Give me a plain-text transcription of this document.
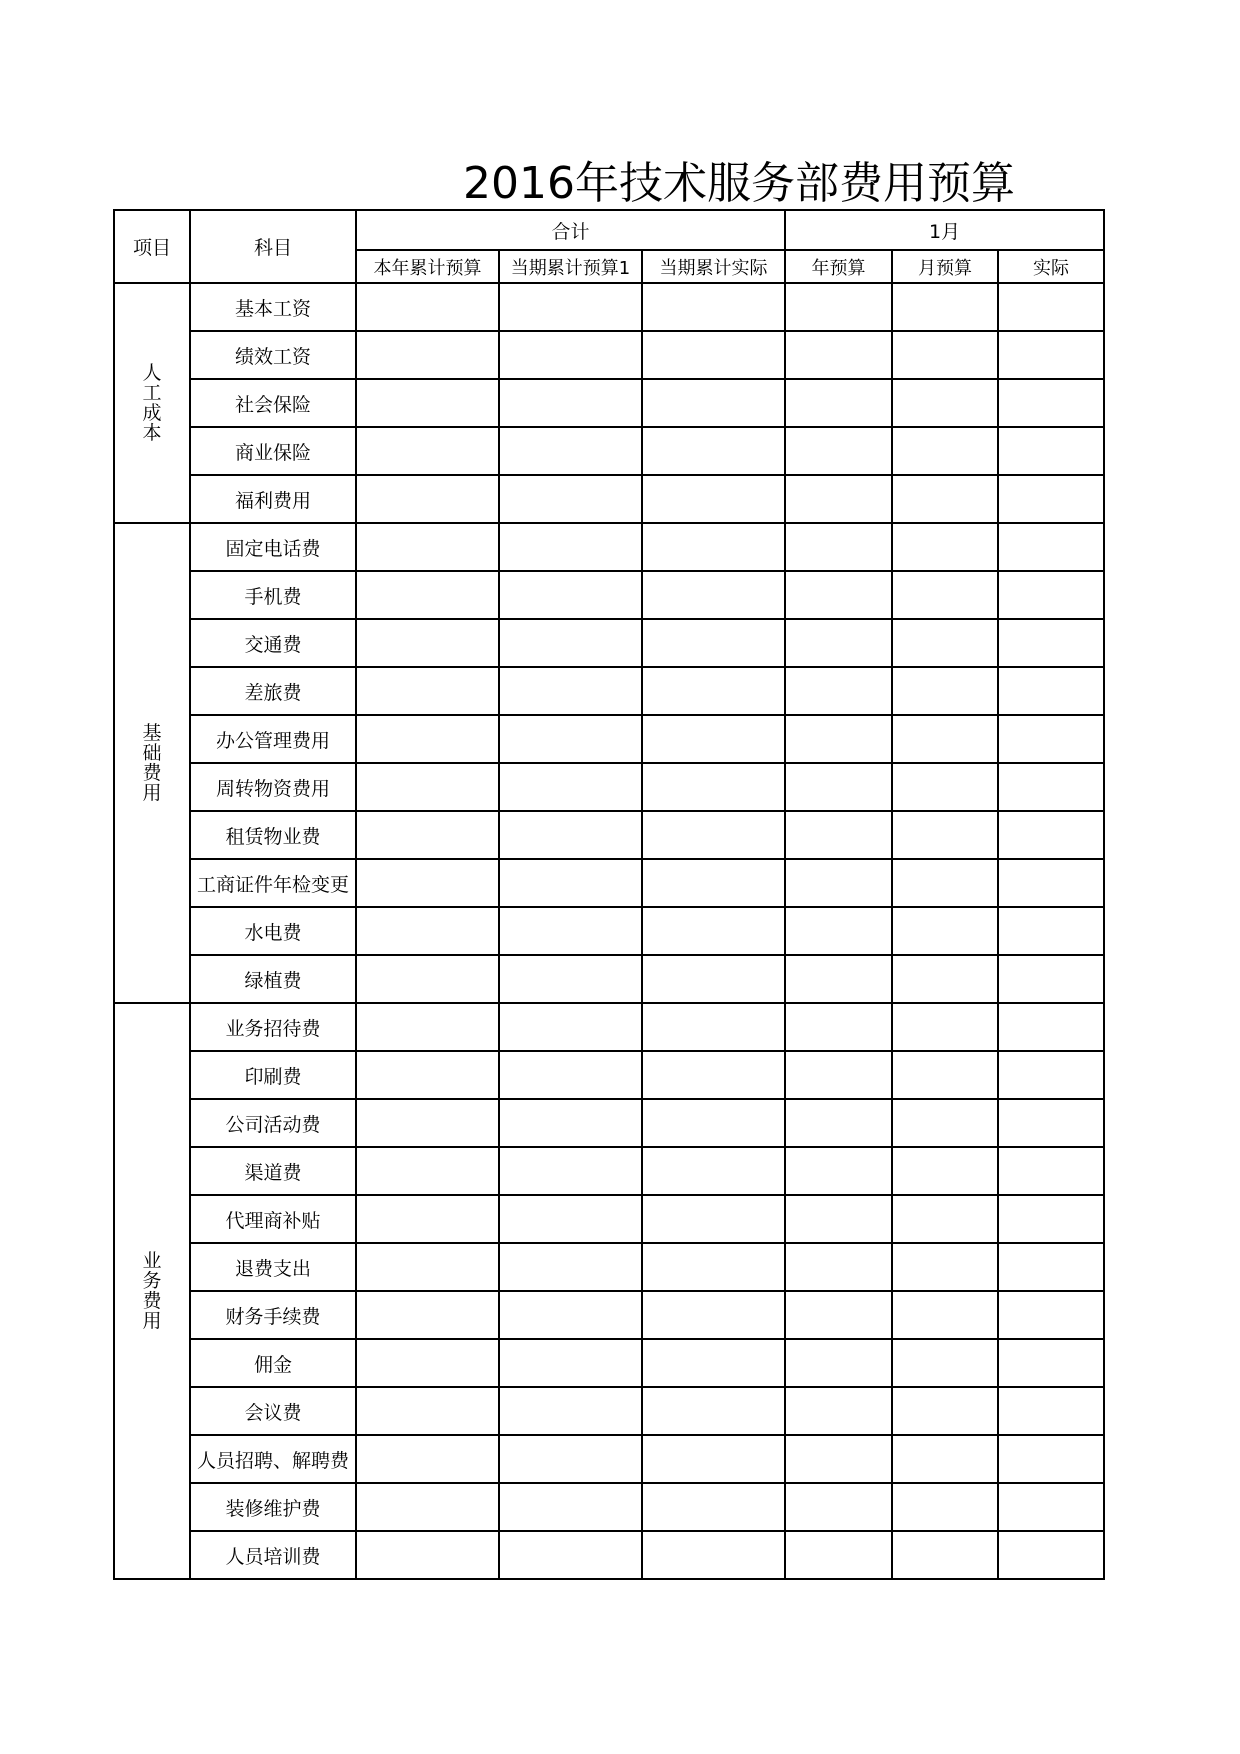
2016年技术服务部费用预算
项目	科目	合计			1月		
		本年累计预算	当期累计预算1	当期累计实际	年预算	月预算	实际

人
工
成
本	基本工资						
	绩效工资						
	社会保险						
	商业保险						
	福利费用						

基
础
费
用	固定电话费						
	手机费						
	交通费						
	差旅费						
	办公管理费用						
	周转物资费用						
	租赁物业费						
	工商证件年检变更						
	水电费						
	绿植费						

业
务
费
用	业务招待费						
	印刷费						
	公司活动费						
	渠道费						
	代理商补贴						
	退费支出						
	财务手续费						
	佣金						
	会议费						
	人员招聘、解聘费						
	装修维护费						
	人员培训费						
